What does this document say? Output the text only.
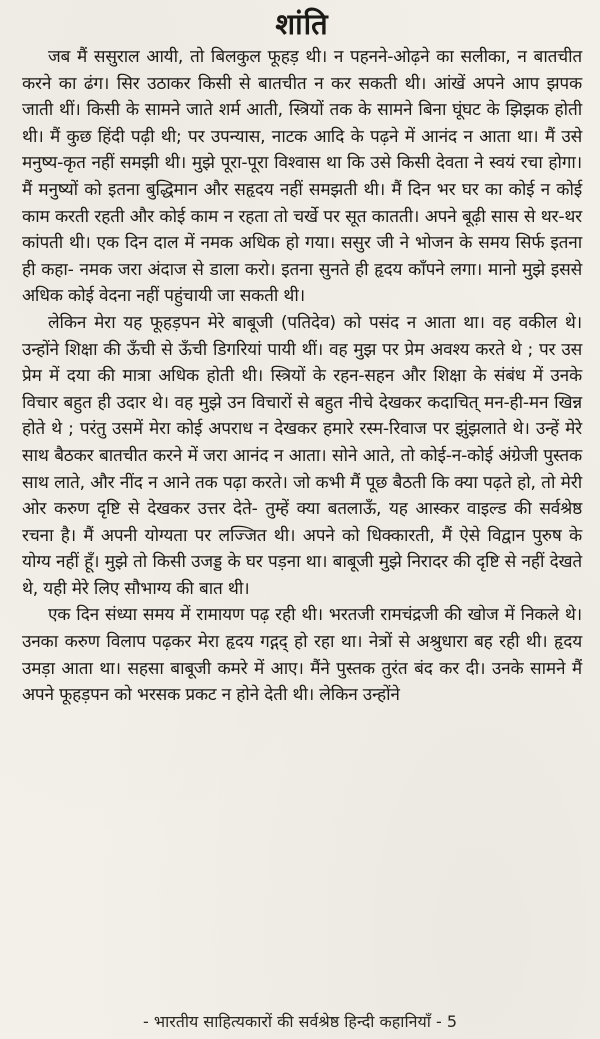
शांति

जब मैं ससुराल आयी, तो बिलकुल फूहड़ थी। न पहनने-ओढ़ने का सलीका, न बातचीत करने का ढंग। सिर उठाकर किसी से बातचीत न कर सकती थी। आंखें अपने आप झपक जाती थीं। किसी के सामने जाते शर्म आती, स्त्रियों तक के सामने बिना घूंघट के झिझक होती थी। मैं कुछ हिंदी पढ़ी थी; पर उपन्यास, नाटक आदि के पढ़ने में आनंद न आता था। मैं उसे मनुष्य-कृत नहीं समझी थी। मुझे पूरा-पूरा विश्वास था कि उसे किसी देवता ने स्वयं रचा होगा। मैं मनुष्यों को इतना बुद्धिमान और सहृदय नहीं समझती थी। मैं दिन भर घर का कोई न कोई काम करती रहती और कोई काम न रहता तो चर्खे पर सूत कातती। अपने बूढ़ी सास से थर-थर कांपती थी। एक दिन दाल में नमक अधिक हो गया। ससुर जी ने भोजन के समय सिर्फ इतना ही कहा- नमक जरा अंदाज से डाला करो। इतना सुनते ही हृदय काँपने लगा। मानो मुझे इससे अधिक कोई वेदना नहीं पहुंचायी जा सकती थी।

लेकिन मेरा यह फूहड़पन मेरे बाबूजी (पतिदेव) को पसंद न आता था। वह वकील थे। उन्होंने शिक्षा की ऊँची से ऊँची डिगरियां पायी थीं। वह मुझ पर प्रेम अवश्य करते थे ; पर उस प्रेम में दया की मात्रा अधिक होती थी। स्त्रियों के रहन-सहन और शिक्षा के संबंध में उनके विचार बहुत ही उदार थे। वह मुझे उन विचारों से बहुत नीचे देखकर कदाचित् मन-ही-मन खिन्न होते थे ; परंतु उसमें मेरा कोई अपराध न देखकर हमारे रस्म-रिवाज पर झुंझलाते थे। उन्हें मेरे साथ बैठकर बातचीत करने में जरा आनंद न आता। सोने आते, तो कोई-न-कोई अंग्रेजी पुस्तक साथ लाते, और नींद न आने तक पढ़ा करते। जो कभी मैं पूछ बैठती कि क्या पढ़ते हो, तो मेरी ओर करुण दृष्टि से देखकर उत्तर देते- तुम्हें क्या बतलाऊँ, यह आस्कर वाइल्ड की सर्वश्रेष्ठ रचना है। मैं अपनी योग्यता पर लज्जित थी। अपने को धिक्कारती, मैं ऐसे विद्वान पुरुष के योग्य नहीं हूँ। मुझे तो किसी उजड्ड के घर पड़ना था। बाबूजी मुझे निरादर की दृष्टि से नहीं देखते थे, यही मेरे लिए सौभाग्य की बात थी।

एक दिन संध्या समय में रामायण पढ़ रही थी। भरतजी रामचंद्रजी की खोज में निकले थे। उनका करुण विलाप पढ़कर मेरा हृदय गद्गद् हो रहा था। नेत्रों से अश्रुधारा बह रही थी। हृदय उमड़ा आता था। सहसा बाबूजी कमरे में आए। मैंने पुस्तक तुरंत बंद कर दी। उनके सामने मैं अपने फूहड़पन को भरसक प्रकट न होने देती थी। लेकिन उन्होंने

- भारतीय साहित्यकारों की सर्वश्रेष्ठ हिन्दी कहानियाँ - 5
